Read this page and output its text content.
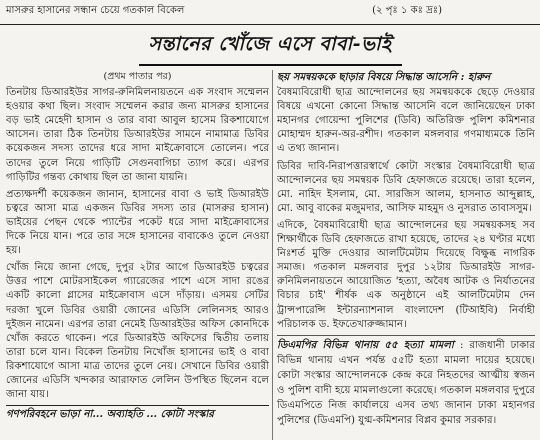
মাসরুর হাসানের সন্ধান চেয়ে গতকাল বিকেল	(২ পৃঃ ১ কঃ দ্রঃ)
সন্তানের খোঁজে এসে বাবা-ভাই
(প্রথম পাতার পর)

তিনটায় ডিআরইউর সাগর-রুনিমিলনায়তনে এক সংবাদ সম্মেলন হওয়ার কথা ছিল। সংবাদ সম্মেলন করার জন্য মাসরুর হাসানের বড় ভাই মেহেদী হাসান ও তার বাবা আবুল হাসেম রিকশাযোগে আসেন। তারা ঠিক তিনটায় ডিআরইউর সামনে নামামাত্র ডিবির কয়েকজন সদস্য তাদের ধরে সাদা মাইক্রোবাসে তোলেন। পরে তাদের তুলে নিয়ে গাড়িটি সেগুনবাগিচা ত্যাগ করে। এরপর গাড়িটির গন্তব্য কোথায় ছিল তা জানা যায়নি।

প্রত্যক্ষদর্শী কয়েকজন জানান, হাসানের বাবা ও ভাই ডিআরইউ চত্বরে আসা মাত্র একজন ডিবির সদস্য তার (মাসরুর হাসান) ভাইয়ের পেছন থেকে প্যান্টের পকেট ধরে সাদা মাইক্রোবাসের দিকে নিয়ে যান। পরে তার সঙ্গে হাসানের বাবাকেও তুলে নেওয়া হয়।

খোঁজ নিয়ে জানা গেছে, দুপুর ২টার আগে ডিআরইউ চত্বরের উত্তর পাশে মোটরসাইকেল গ্যারেজের পাশে এসে সাদা রঙের একটি কালো গ্লাসের মাইক্রোবাস এসে দাঁড়ায়। এসময় সেটির দরজা খুলে ডিবির ওয়ারী জোনের এডিসি লেলিনসহ আরও দুইজন নামেন। এরপর তারা নেমেই ডিআরইউর অফিস কোনদিকে খোঁজ করতে থাকেন। পরে ডিআরইউ অফিসের দ্বিতীয় তলায় তারা চলে যান। বিকেল তিনটায় নিখোঁজ হাসানের ভাই ও বাবা রিকশাযোগে আসা মাত্র তাদের তুলে নেয়। সেখানে ডিবির ওয়ারী জোনের এডিসি খন্দকার আরাফাত লেলিন উপস্থিত ছিলেন বলে জানা যায়।

গণপরিবহনে ভাড়া না... অব্যাহতি ... কোটা সংস্কার
ছয় সমন্বয়ককে ছাড়ার বিষয়ে সিদ্ধান্ত আসেনি : হারুন

বৈষম্যবিরোধী ছাত্র আন্দোলনের ছয় সমন্বয়ককে ছেড়ে দেওয়ার বিষয়ে এখনো কোনো সিদ্ধান্ত আসেনি বলে জানিয়েছেন ঢাকা মহানগর গোয়েন্দা পুলিশের (ডিবি) অতিরিক্ত পুলিশ কমিশনার মোহাম্মদ হারুন-অর-রশীদ। গতকাল মঙ্গলবার গণমাধ্যমকে তিনি এ তথ্য জানান।

ডিবির দাবি-নিরাপত্তারস্বার্থে কোটা সংস্কার বৈষম্যবিরোধী ছাত্র আন্দোলনের ছয় সমন্বয়ক ডিবি হেফাজতে রয়েছে। তারা হলেন, মো. নাহিদ ইসলাম, মো. সারজিস আলম, হাসনাত আব্দুল্লাহ, মো. আবু বাকের মজুমদার, আসিফ মাহমুদ ও নুসরাত তাবাসসুম।

এদিকে, বৈষম্যবিরোধী ছাত্র আন্দোলনের ছয় সমন্বয়কসহ সব শিক্ষার্থীকে ডিবি হেফাজতে রাখা হয়েছে, তাদের ২৪ ঘণ্টার মধ্যে নিঃশর্ত মুক্তি দেওয়ার আলটিমেটাম দিয়েছে বিক্ষুব্ধ নাগরিক সমাজ। গতকাল মঙ্গলবার দুপুর ১২টায় ডিআরইউ সাগর-রুনিমিলনায়তনে আয়োজিত 'হত্যা, অবৈধ আটক ও নির্যাতনের বিচার চাই' শীর্ষক এক অনুষ্ঠানে এই আলটিমেটাম দেন ট্রান্সপারেন্সি ইন্টারন্যাশনাল বাংলাদেশ (টিআইবি) নির্বাহী পরিচালক ড. ইফতেখারুজ্জামান।

ডিএমপির বিভিন্ন থানায় ৫৫ হত্যা মামলা : রাজধানী ঢাকার বিভিন্ন থানায় এখন পর্যন্ত ৫৫টি হত্যা মামলা দায়ের হয়েছে। কোটা সংস্কার আন্দোলনকে কেন্দ্র করে নিহতদের আত্মীয় স্বজন ও পুলিশ বাদী হয়ে মামলাগুলো করেছে। গতকাল মঙ্গলবার দুপুরে ডিএমপিতে নিজ কার্যালয়ে এসব তথ্য জানান ঢাকা মহানগর পুলিশের (ডিএমপি) যুগ্ম-কমিশনার বিপ্লব কুমার সরকার।
